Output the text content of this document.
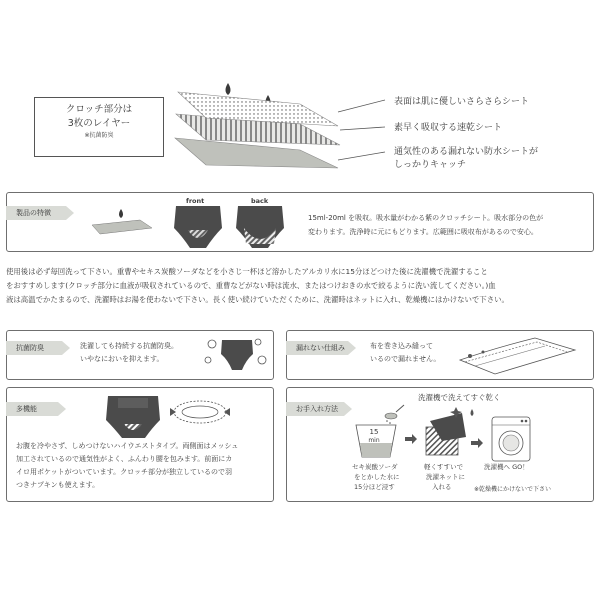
クロッチ部分は
3枚のレイヤー
※抗菌防臭
表面は肌に優しいさらさらシート
素早く吸収する速乾シート
通気性のある漏れない防水シートが
しっかりキャッチ
製品の特徴
front	back
15ml-20ml を吸収。吸水量がわかる紫のクロッチシート。吸水部分の色が
変わります。洗浄時に元にもどります。広範囲に吸収布があるので安心。
使用後は必ず毎回洗って下さい。重曹やセキス炭酸ソーダなどを小さじ一杯ほど溶かしたアルカリ水に15分ほどつけた後に洗濯機で洗濯すること
をおすすめします(クロッチ部分に血液が吸収されているので、重曹などがない時は流水、またはつけおきの水で絞るように洗い流してください。)血
液は高温でかたまるので、洗濯時はお湯を使わないで下さい。長く使い続けていただくために、洗濯時はネットに入れ、乾燥機にはかけないで下さい。
抗菌防臭	洗濯しても持続する抗菌防臭。
いやなにおいを抑えます。
漏れない仕組み	布を巻き込み縫って
いるので漏れません。
多機能
お腹を冷やさず、しめつけないハイウエストタイプ。両側面はメッシュ
加工されているので通気性がよく、ふんわり腰を包みます。前面にカ
イロ用ポケットがついています。クロッチ部分が独立しているので羽
つきナプキンも使えます。
お手入れ方法
洗濯機で洗えてすぐ乾く
15
min
セキ炭酸ソーダ
をとかした水に
15分ほど浸す
軽くすすいで
洗濯ネットに
入れる
洗濯機へ GO！
※乾燥機にかけないで下さい
